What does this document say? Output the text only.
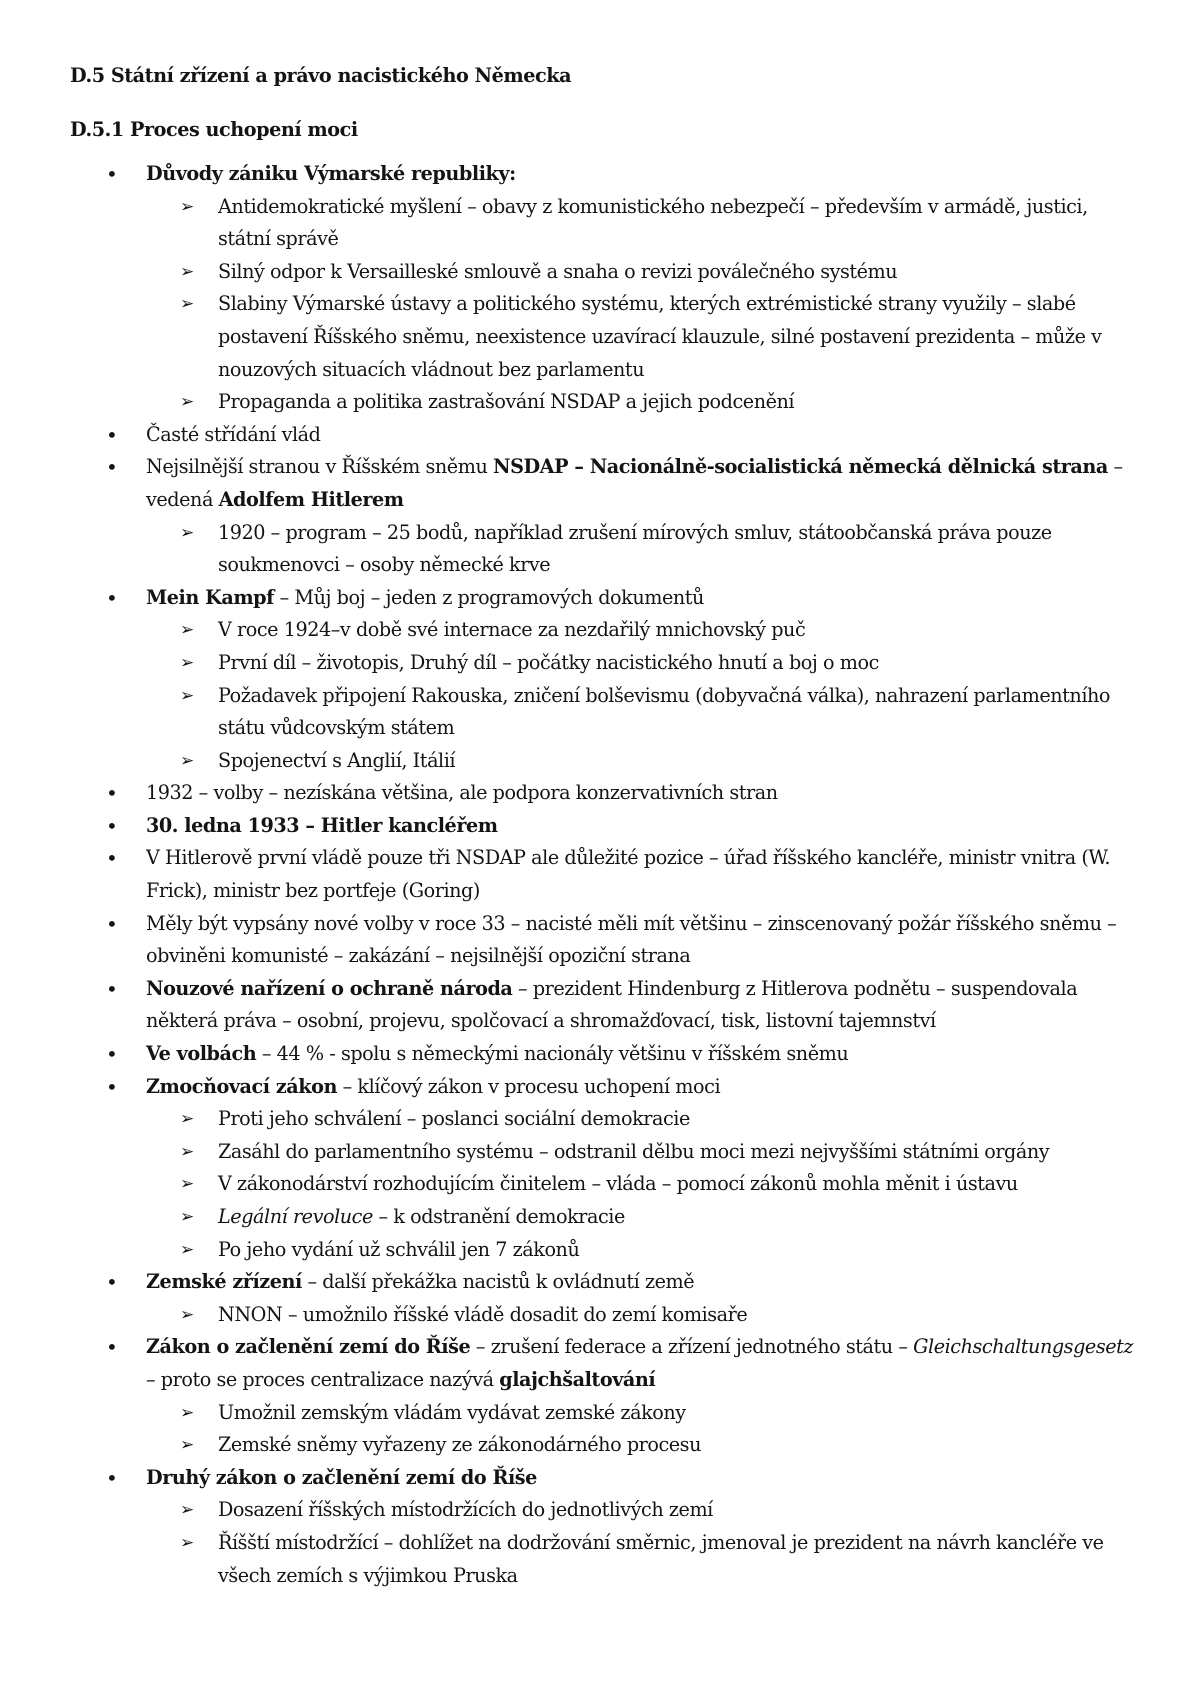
D.5 Státní zřízení a právo nacistického Německa
D.5.1 Proces uchopení moci
• Důvody zániku Výmarské republiky:
➢ Antidemokratické myšlení – obavy z komunistického nebezpečí – především v armádě, justici, státní správě
➢ Silný odpor k Versailleské smlouvě a snaha o revizi poválečného systému
➢ Slabiny Výmarské ústavy a politického systému, kterých extrémistické strany využily – slabé postavení Říšského sněmu, neexistence uzavírací klauzule, silné postavení prezidenta – může v nouzových situacích vládnout bez parlamentu
➢ Propaganda a politika zastrašování NSDAP a jejich podcenění
• Časté střídání vlád
• Nejsilnější stranou v Říšském sněmu NSDAP – Nacionálně-socialistická německá dělnická strana – vedená Adolfem Hitlerem
➢ 1920 – program – 25 bodů, například zrušení mírových smluv, státoobčanská práva pouze soukmenovci – osoby německé krve
• Mein Kampf – Můj boj – jeden z programových dokumentů
➢ V roce 1924–v době své internace za nezdařilý mnichovský puč
➢ První díl – životopis, Druhý díl – počátky nacistického hnutí a boj o moc
➢ Požadavek připojení Rakouska, zničení bolševismu (dobyvačná válka), nahrazení parlamentního státu vůdcovským státem
➢ Spojenectví s Anglií, Itálií
• 1932 – volby – nezískána většina, ale podpora konzervativních stran
• 30. ledna 1933 – Hitler kancléřem
• V Hitlerově první vládě pouze tři NSDAP ale důležité pozice – úřad říšského kancléře, ministr vnitra (W. Frick), ministr bez portfeje (Goring)
• Měly být vypsány nové volby v roce 33 – nacisté měli mít většinu – zinscenovaný požár říšského sněmu – obviněni komunisté – zakázání – nejsilnější opoziční strana
• Nouzové nařízení o ochraně národa – prezident Hindenburg z Hitlerova podnětu – suspendovala některá práva – osobní, projevu, spolčovací a shromažďovací, tisk, listovní tajemnství
• Ve volbách – 44 % - spolu s německými nacionály většinu v říšském sněmu
• Zmocňovací zákon – klíčový zákon v procesu uchopení moci
➢ Proti jeho schválení – poslanci sociální demokracie
➢ Zasáhl do parlamentního systému – odstranil dělbu moci mezi nejvyššími státními orgány
➢ V zákonodárství rozhodujícím činitelem – vláda – pomocí zákonů mohla měnit i ústavu
➢ Legální revoluce – k odstranění demokracie
➢ Po jeho vydání už schválil jen 7 zákonů
• Zemské zřízení – další překážka nacistů k ovládnutí země
➢ NNON – umožnilo říšské vládě dosadit do zemí komisaře
• Zákon o začlenění zemí do Říše – zrušení federace a zřízení jednotného státu – Gleichschaltungsgesetz – proto se proces centralizace nazývá glajchšaltování
➢ Umožnil zemským vládám vydávat zemské zákony
➢ Zemské sněmy vyřazeny ze zákonodárného procesu
• Druhý zákon o začlenění zemí do Říše
➢ Dosazení říšských místodržících do jednotlivých zemí
➢ Říšští místodržící – dohlížet na dodržování směrnic, jmenoval je prezident na návrh kancléře ve všech zemích s výjimkou Pruska
